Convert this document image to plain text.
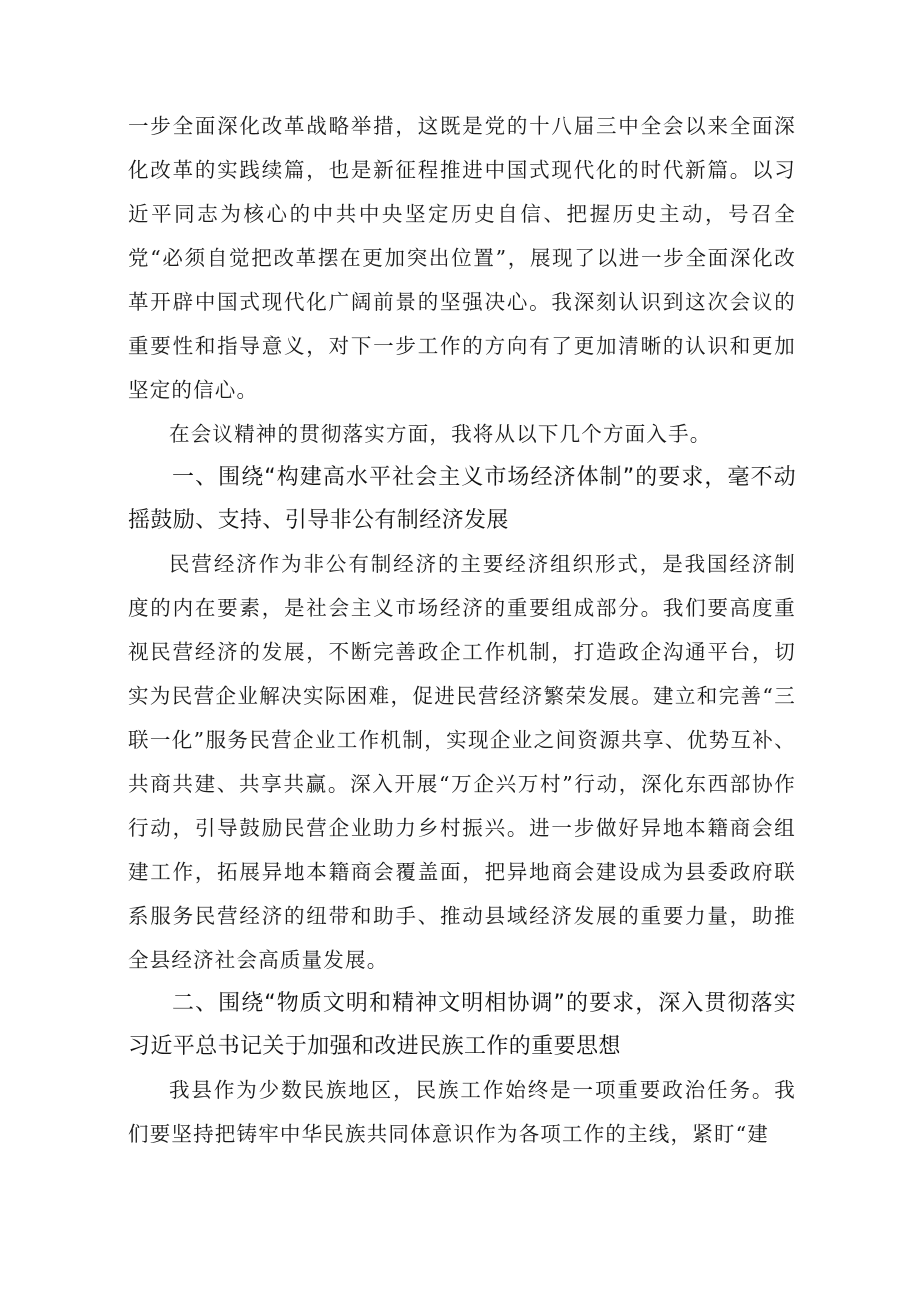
一步全面深化改革战略举措，这既是党的十八届三中全会以来全面深化改革的实践续篇，也是新征程推进中国式现代化的时代新篇。以习近平同志为核心的中共中央坚定历史自信、把握历史主动，号召全党“必须自觉把改革摆在更加突出位置”，展现了以进一步全面深化改革开辟中国式现代化广阔前景的坚强决心。我深刻认识到这次会议的重要性和指导意义，对下一步工作的方向有了更加清晰的认识和更加坚定的信心。

在会议精神的贯彻落实方面，我将从以下几个方面入手。

一、围绕“构建高水平社会主义市场经济体制”的要求，毫不动摇鼓励、支持、引导非公有制经济发展

民营经济作为非公有制经济的主要经济组织形式，是我国经济制度的内在要素，是社会主义市场经济的重要组成部分。我们要高度重视民营经济的发展，不断完善政企工作机制，打造政企沟通平台，切实为民营企业解决实际困难，促进民营经济繁荣发展。建立和完善“三联一化”服务民营企业工作机制，实现企业之间资源共享、优势互补、共商共建、共享共赢。深入开展“万企兴万村”行动，深化东西部协作行动，引导鼓励民营企业助力乡村振兴。进一步做好异地本籍商会组建工作，拓展异地本籍商会覆盖面，把异地商会建设成为县委政府联系服务民营经济的纽带和助手、推动县域经济发展的重要力量，助推全县经济社会高质量发展。

二、围绕“物质文明和精神文明相协调”的要求，深入贯彻落实习近平总书记关于加强和改进民族工作的重要思想

我县作为少数民族地区，民族工作始终是一项重要政治任务。我们要坚持把铸牢中华民族共同体意识作为各项工作的主线，紧盯“建
